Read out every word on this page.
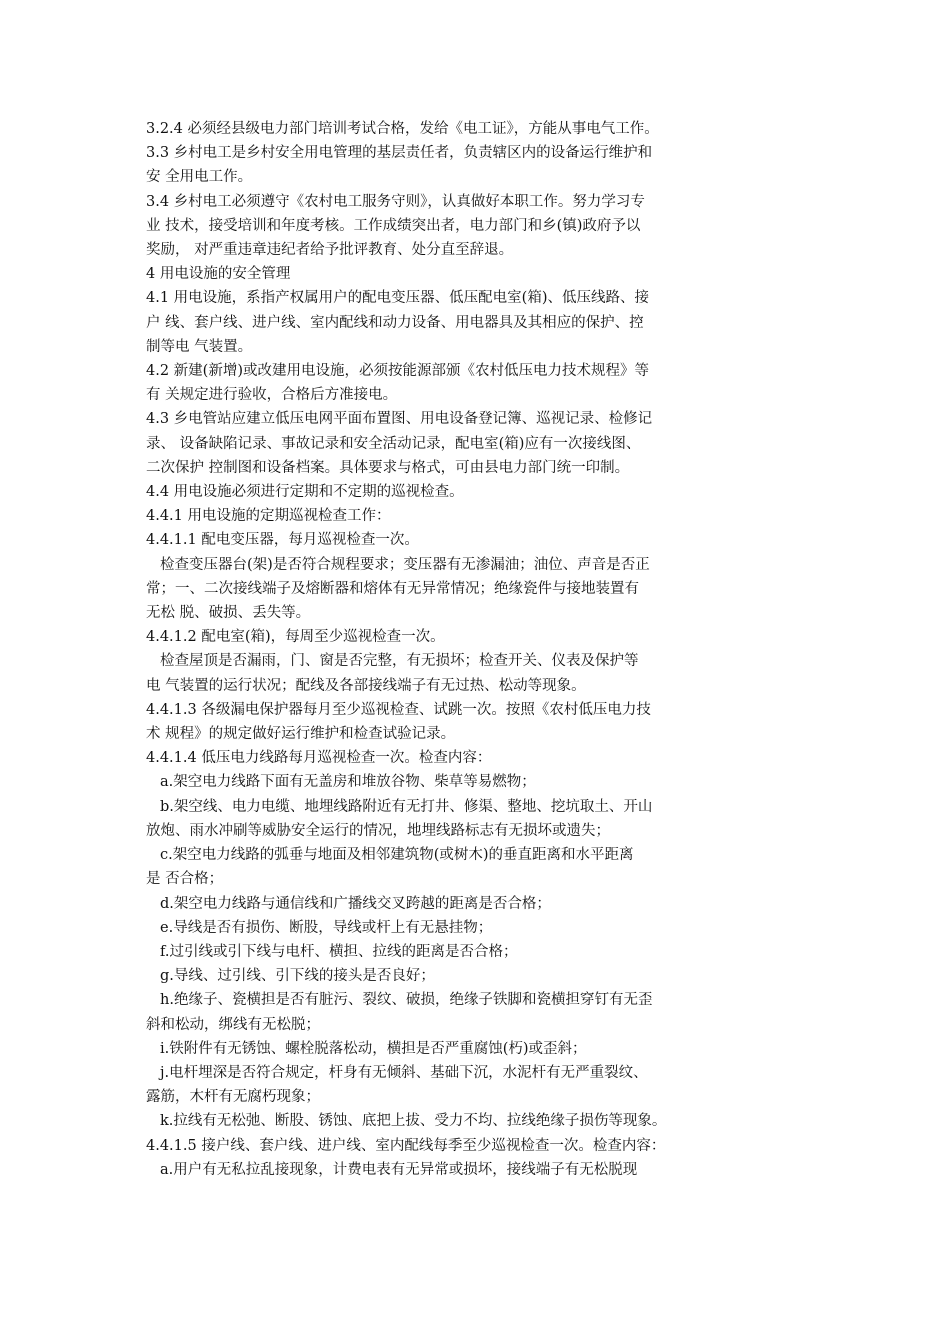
3.2.4 必须经县级电力部门培训考试合格，发给《电工证》，方能从事电气工作。
3.3 乡村电工是乡村安全用电管理的基层责任者，负责辖区内的设备运行维护和
安 全用电工作。
3.4 乡村电工必须遵守《农村电工服务守则》，认真做好本职工作。努力学习专
业 技术，接受培训和年度考核。工作成绩突出者，电力部门和乡(镇)政府予以
奖励， 对严重违章违纪者给予批评教育、处分直至辞退。
4 用电设施的安全管理
4.1 用电设施，系指产权属用户的配电变压器、低压配电室(箱)、低压线路、接
户 线、套户线、进户线、室内配线和动力设备、用电器具及其相应的保护、控
制等电 气装置。
4.2 新建(新增)或改建用电设施，必须按能源部颁《农村低压电力技术规程》等
有 关规定进行验收，合格后方准接电。
4.3 乡电管站应建立低压电网平面布置图、用电设备登记簿、巡视记录、检修记
录、 设备缺陷记录、事故记录和安全活动记录，配电室(箱)应有一次接线图、
二次保护 控制图和设备档案。具体要求与格式，可由县电力部门统一印制。
4.4 用电设施必须进行定期和不定期的巡视检查。
4.4.1 用电设施的定期巡视检查工作：
4.4.1.1 配电变压器，每月巡视检查一次。
检查变压器台(架)是否符合规程要求；变压器有无渗漏油；油位、声音是否正
常；一、二次接线端子及熔断器和熔体有无异常情况；绝缘瓷件与接地装置有
无松 脱、破损、丢失等。
4.4.1.2 配电室(箱)，每周至少巡视检查一次。
检查屋顶是否漏雨，门、窗是否完整，有无损坏；检查开关、仪表及保护等
电 气装置的运行状况；配线及各部接线端子有无过热、松动等现象。
4.4.1.3 各级漏电保护器每月至少巡视检查、试跳一次。按照《农村低压电力技
术 规程》的规定做好运行维护和检查试验记录。
4.4.1.4 低压电力线路每月巡视检查一次。检查内容：
a.架空电力线路下面有无盖房和堆放谷物、柴草等易燃物；
b.架空线、电力电缆、地埋线路附近有无打井、修渠、整地、挖坑取土、开山
放炮、雨水冲刷等威胁安全运行的情况，地埋线路标志有无损坏或遗失；
c.架空电力线路的弧垂与地面及相邻建筑物(或树木)的垂直距离和水平距离
是 否合格；
d.架空电力线路与通信线和广播线交叉跨越的距离是否合格；
e.导线是否有损伤、断股，导线或杆上有无悬挂物；
f.过引线或引下线与电杆、横担、拉线的距离是否合格；
g.导线、过引线、引下线的接头是否良好；
h.绝缘子、瓷横担是否有脏污、裂纹、破损，绝缘子铁脚和瓷横担穿钉有无歪
斜和松动，绑线有无松脱；
i.铁附件有无锈蚀、螺栓脱落松动，横担是否严重腐蚀(朽)或歪斜；
j.电杆埋深是否符合规定，杆身有无倾斜、基础下沉，水泥杆有无严重裂纹、
露筋，木杆有无腐朽现象；
k.拉线有无松弛、断股、锈蚀、底把上拔、受力不均、拉线绝缘子损伤等现象。
4.4.1.5 接户线、套户线、进户线、室内配线每季至少巡视检查一次。检查内容：
a.用户有无私拉乱接现象，计费电表有无异常或损坏，接线端子有无松脱现
